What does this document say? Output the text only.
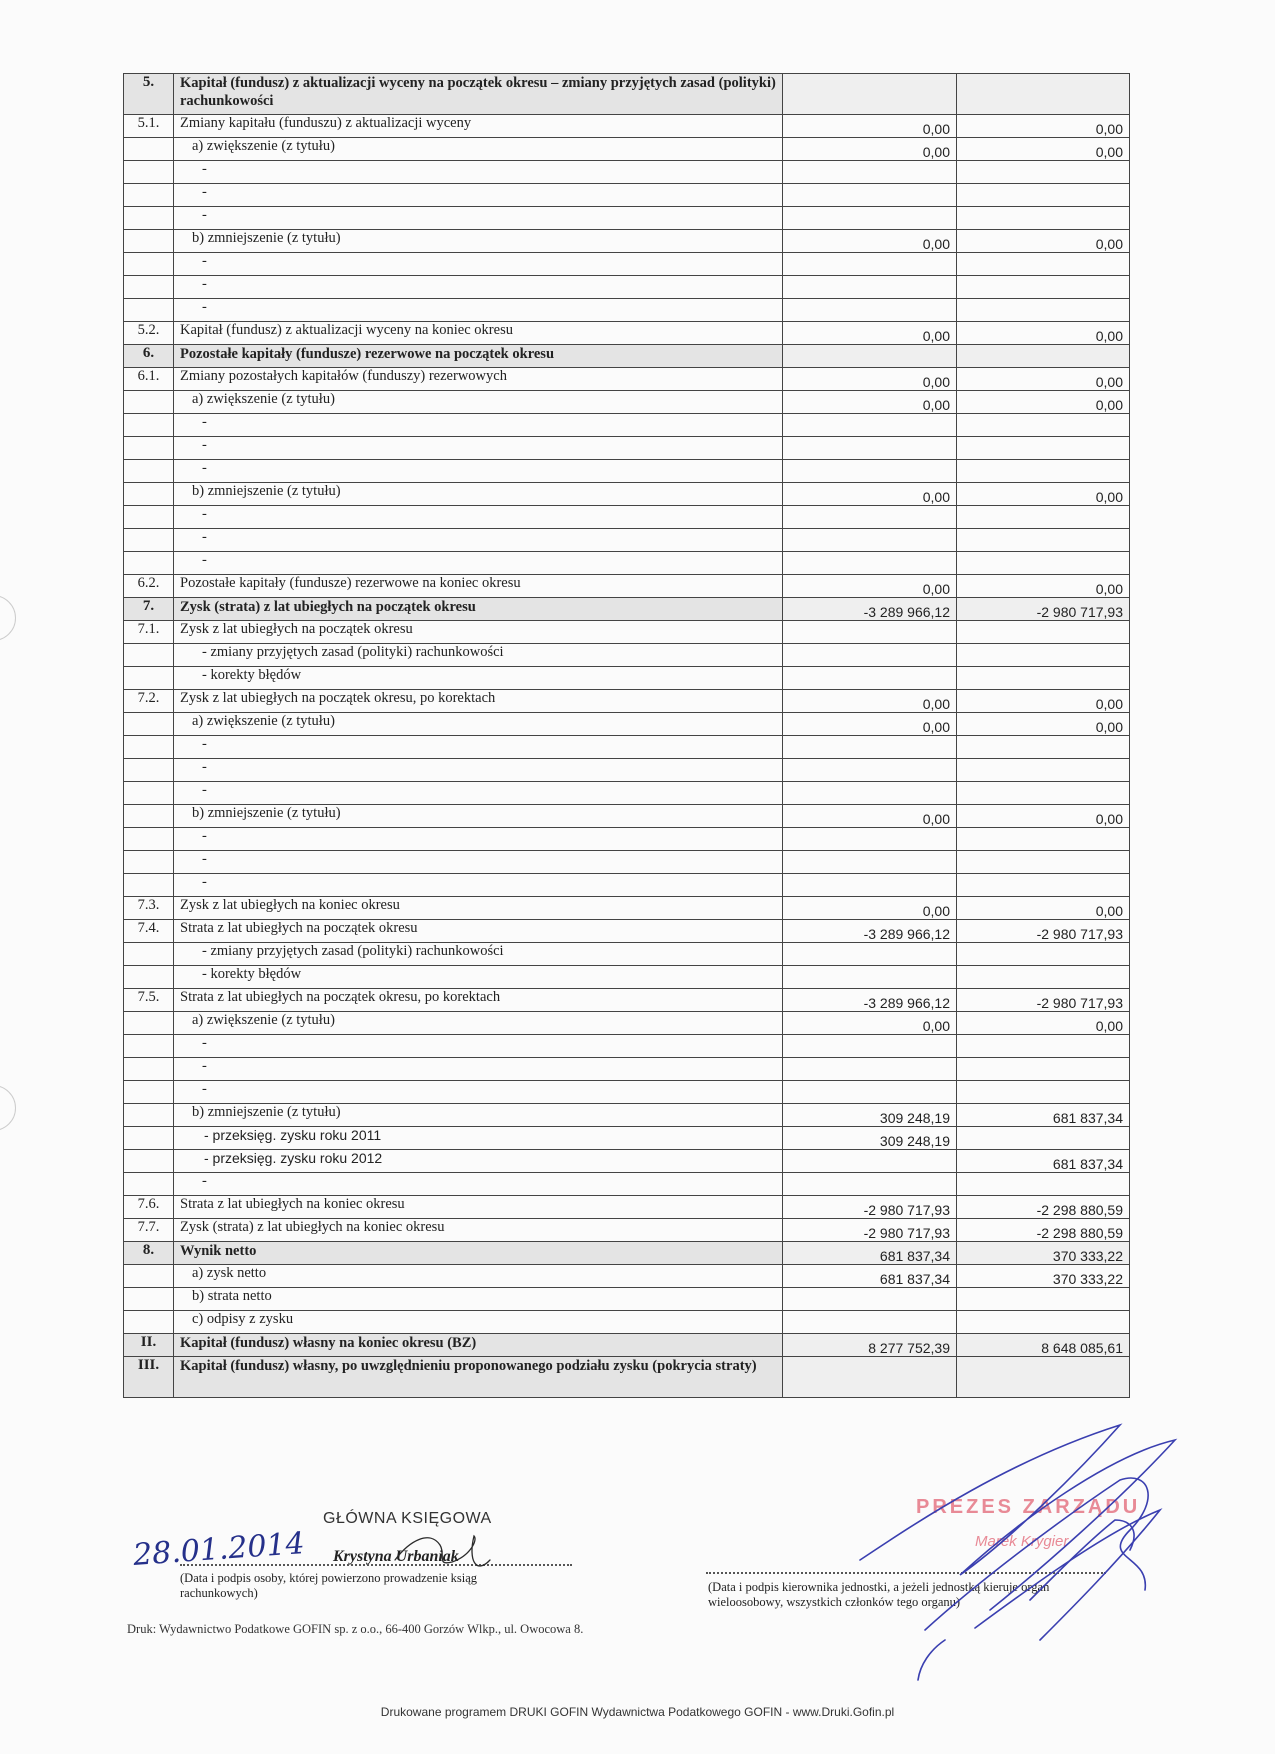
5.	Kapitał (fundusz) z aktualizacji wyceny na początek okresu – zmiany przyjętych zasad (polityki) rachunkowości		
5.1.	Zmiany kapitału (funduszu) z aktualizacji wyceny	0,00	0,00
	a) zwiększenie (z tytułu)	0,00	0,00
	-		
	-		
	-		
	b) zmniejszenie (z tytułu)	0,00	0,00
	-		
	-		
	-		
5.2.	Kapitał (fundusz) z aktualizacji wyceny na koniec okresu	0,00	0,00
6.	Pozostałe kapitały (fundusze) rezerwowe na początek okresu		
6.1.	Zmiany pozostałych kapitałów (funduszy) rezerwowych	0,00	0,00
	a) zwiększenie (z tytułu)	0,00	0,00
	-		
	-		
	-		
	b) zmniejszenie (z tytułu)	0,00	0,00
	-		
	-		
	-		
6.2.	Pozostałe kapitały (fundusze) rezerwowe na koniec okresu	0,00	0,00
7.	Zysk (strata) z lat ubiegłych na początek okresu	-3 289 966,12	-2 980 717,93
7.1.	Zysk z lat ubiegłych na początek okresu		
	- zmiany przyjętych zasad (polityki) rachunkowości		
	- korekty błędów		
7.2.	Zysk z lat ubiegłych na początek okresu, po korektach	0,00	0,00
	a) zwiększenie (z tytułu)	0,00	0,00
	-		
	-		
	-		
	b) zmniejszenie (z tytułu)	0,00	0,00
	-		
	-		
	-		
7.3.	Zysk z lat ubiegłych na koniec okresu	0,00	0,00
7.4.	Strata z lat ubiegłych na początek okresu	-3 289 966,12	-2 980 717,93
	- zmiany przyjętych zasad (polityki) rachunkowości		
	- korekty błędów		
7.5.	Strata z lat ubiegłych na początek okresu, po korektach	-3 289 966,12	-2 980 717,93
	a) zwiększenie (z tytułu)	0,00	0,00
	-		
	-		
	-		
	b) zmniejszenie (z tytułu)	309 248,19	681 837,34
	- przeksięg. zysku roku 2011	309 248,19	
	- przeksięg. zysku roku 2012		681 837,34
	-		
7.6.	Strata z lat ubiegłych na koniec okresu	-2 980 717,93	-2 298 880,59
7.7.	Zysk (strata) z lat ubiegłych na koniec okresu	-2 980 717,93	-2 298 880,59
8.	Wynik netto	681 837,34	370 333,22
	a) zysk netto	681 837,34	370 333,22
	b) strata netto		
	c) odpisy z zysku		
II.	Kapitał (fundusz) własny na koniec okresu (BZ)	8 277 752,39	8 648 085,61
III.	Kapitał (fundusz) własny, po uwzględnieniu proponowanego podziału zysku (pokrycia straty)		
GŁÓWNA KSIĘGOWA
28.01.2014 Krystyna Urbaniak
(Data i podpis osoby, której powierzono prowadzenie ksiąg rachunkowych)
PREZES ZARZĄDU
Marek Krygier
(Data i podpis kierownika jednostki, a jeżeli jednostką kieruje organ wieloosobowy, wszystkich członków tego organu)
Druk: Wydawnictwo Podatkowe GOFIN sp. z o.o., 66-400 Gorzów Wlkp., ul. Owocowa 8.
Drukowane programem DRUKI GOFIN Wydawnictwa Podatkowego GOFIN - www.Druki.Gofin.pl
